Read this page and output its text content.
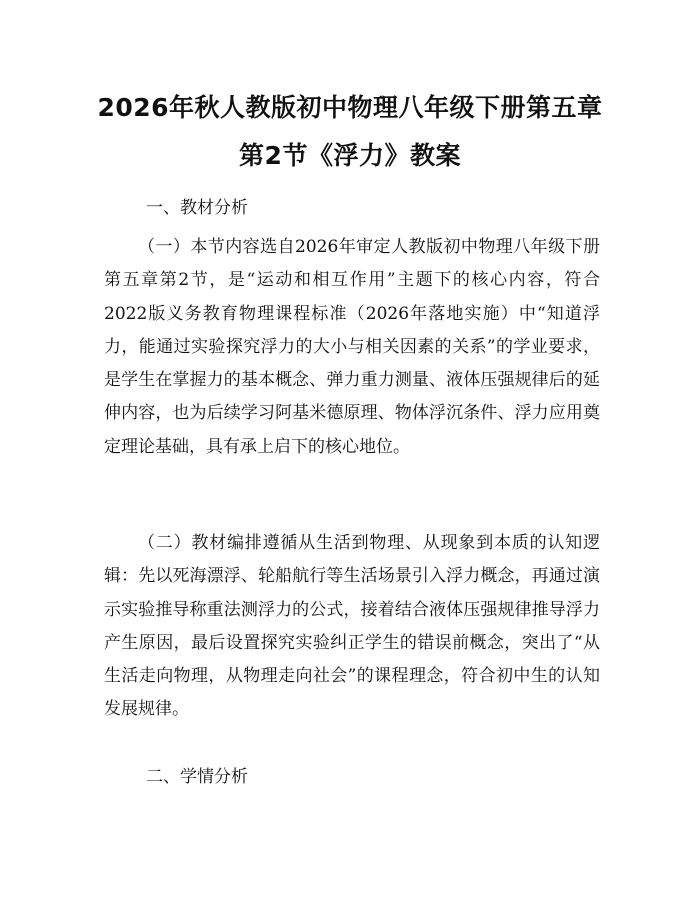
2026年秋人教版初中物理八年级下册第五章
第2节《浮力》教案
一、教材分析

（一）本节内容选自2026年审定人教版初中物理八年级下册第五章第2节，是“运动和相互作用”主题下的核心内容，符合2022版义务教育物理课程标准（2026年落地实施）中“知道浮力，能通过实验探究浮力的大小与相关因素的关系”的学业要求，是学生在掌握力的基本概念、弹力重力测量、液体压强规律后的延伸内容，也为后续学习阿基米德原理、物体浮沉条件、浮力应用奠定理论基础，具有承上启下的核心地位。

（二）教材编排遵循从生活到物理、从现象到本质的认知逻辑：先以死海漂浮、轮船航行等生活场景引入浮力概念，再通过演示实验推导称重法测浮力的公式，接着结合液体压强规律推导浮力产生原因，最后设置探究实验纠正学生的错误前概念，突出了“从生活走向物理，从物理走向社会”的课程理念，符合初中生的认知发展规律。

二、学情分析
